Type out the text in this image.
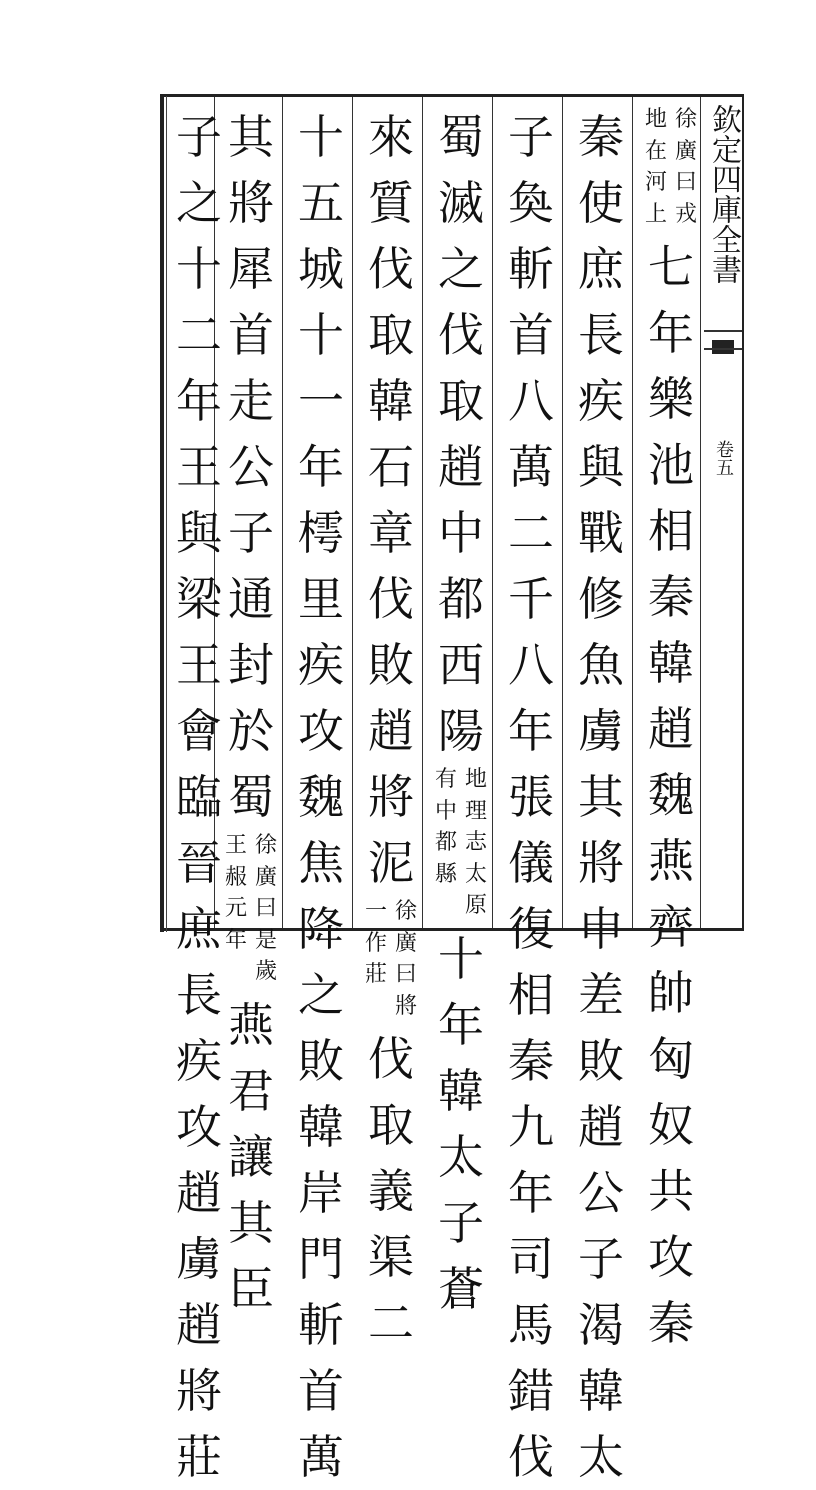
欽定四庫全書
卷五
徐
廣
曰
戎
地
在
河
上
七
年
樂
池
相
秦
韓
趙
魏
燕
齊
帥
匈
奴
共
攻
秦
秦
使
庶
長
疾
與
戰
修
魚
虜
其
將
申
差
敗
趙
公
子
渴
韓
太
子
奐
斬
首
八
萬
二
千
八
年
張
儀
復
相
秦
九
年
司
馬
錯
伐
蜀
滅
之
伐
取
趙
中
都
西
陽
地
理
志
太
原
有
中
都
縣
十
年
韓
太
子
蒼
來
質
伐
取
韓
石
章
伐
敗
趙
將
泥
徐
廣
曰
將
一
作
莊
伐
取
義
渠
二
十
五
城
十
一
年
樗
里
疾
攻
魏
焦
降
之
敗
韓
岸
門
斬
首
萬
其
將
犀
首
走
公
子
通
封
於
蜀
徐
廣
曰
是
歲
王
赧
元
年
燕
君
讓
其
臣
子
之
十
二
年
王
與
梁
王
會
臨
晉
庶
長
疾
攻
趙
虜
趙
將
莊
